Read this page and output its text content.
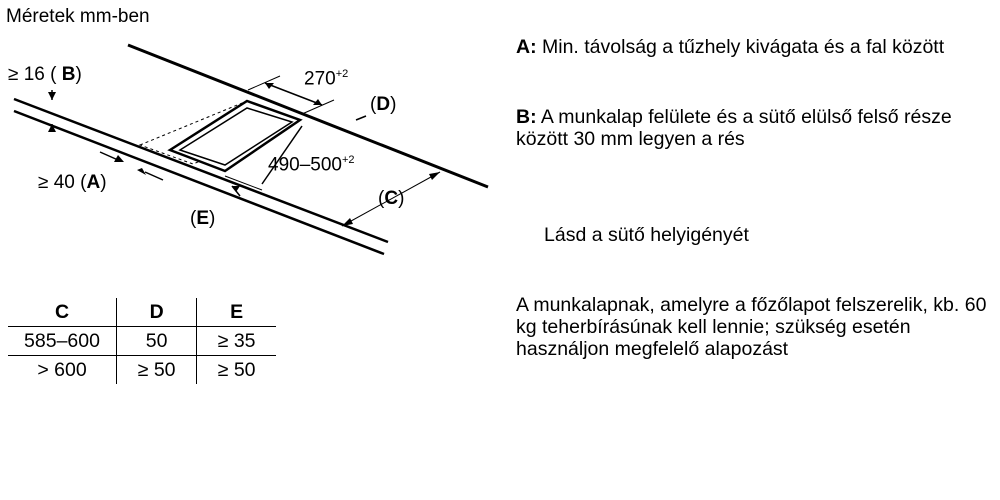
Méretek mm-ben
≥ 16 ( B)
≥ 40 (A)
$270^{+2}$
$490-500^{+2}$
(D)
(C)
(E)
A: Min. távolság a tűzhely kivágata és a fal között
B: A munkalap felülete és a sütő elülső felső része között 30 mm legyen a rés
Lásd a sütő helyigényét
A munkalapnak, amelyre a főzőlapot felszerelik, kb. 60 kg teherbírásúnak kell lennie; szükség esetén használjon megfelelő alapozást
C	D	E
585–600	50	≥ 35
> 600	≥ 50	≥ 50
